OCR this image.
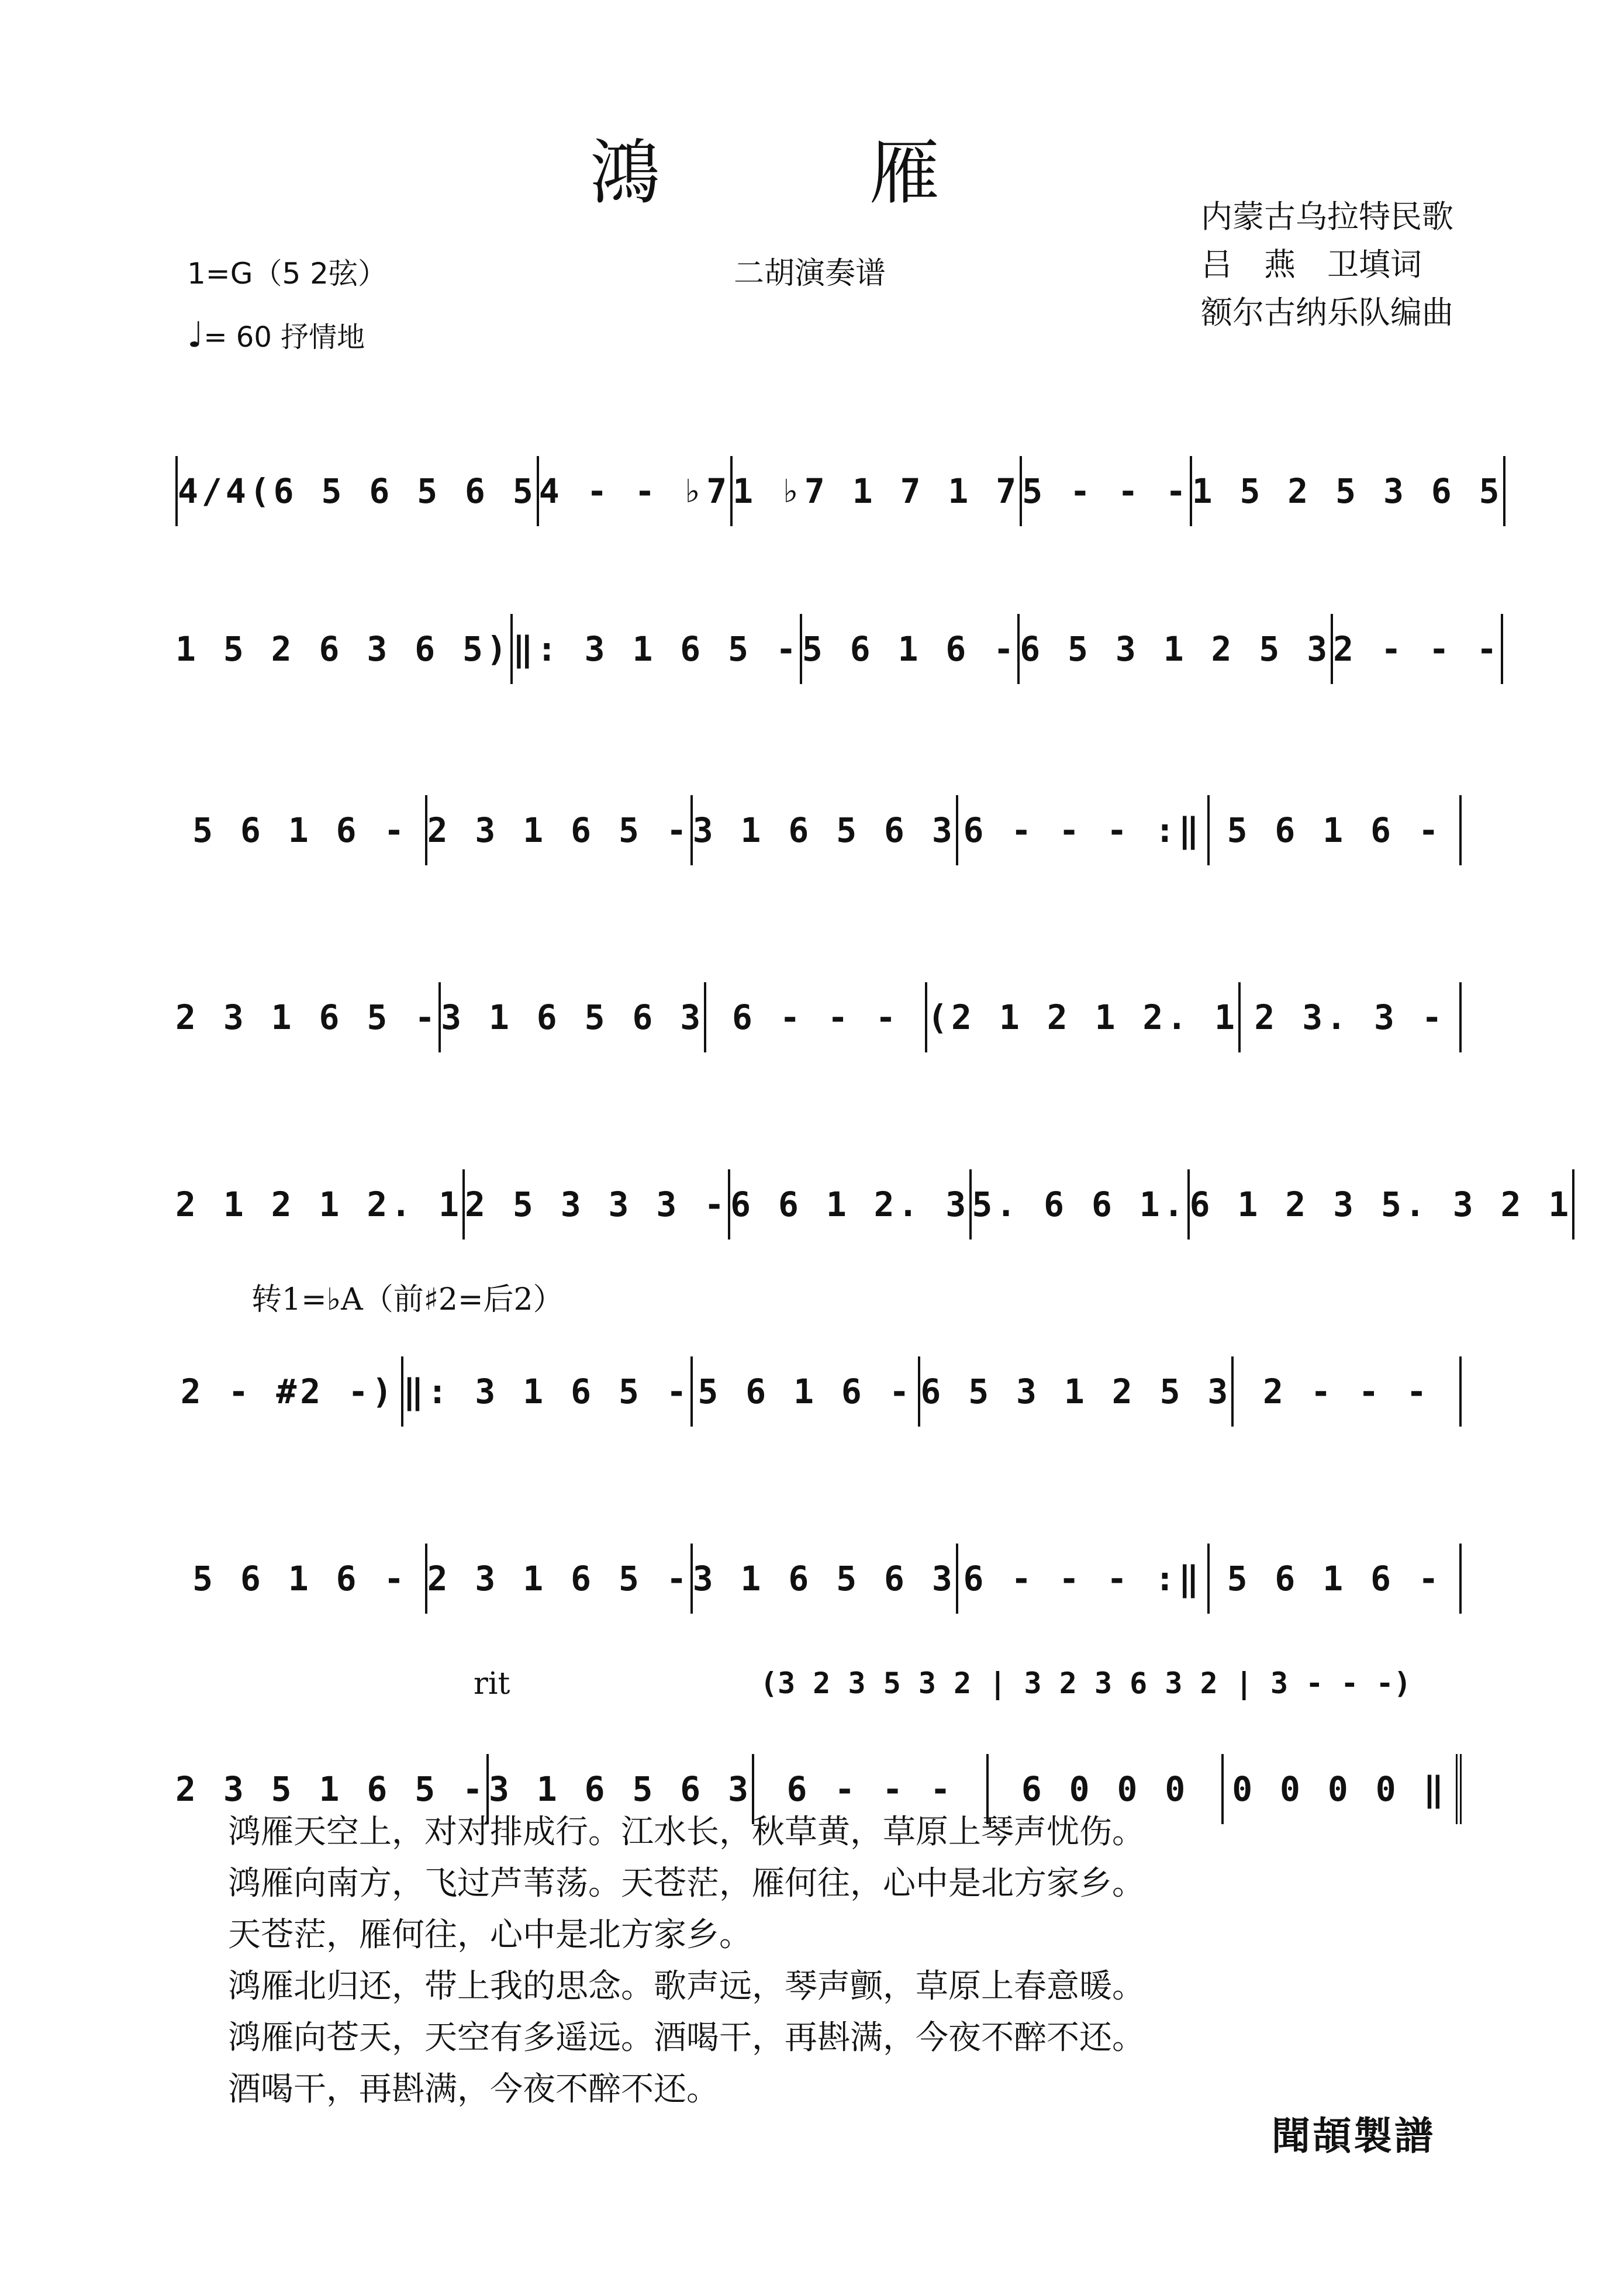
鴻 雁
二胡演奏谱
1=G（5 2弦）
♩= 60 抒情地
内蒙古乌拉特民歌
吕　燕　卫填词
额尔古纳乐队编曲
4/4(6 5 6 5 6 5 4 - - ♭7 1 ♭7 1 7 1 7 5 - - - 1 5 2 5 3 6 5
1 5 2 6 3 6 5) ‖: 3 1 6 5 - 5 6 1 6 - 6 5 3 1 2 5 3 2 - - -
5 6 1 6 - 2 3 1 6 5 - 3 1 6 5 6 3 6 - - - :‖ 5 6 1 6 -
2 3 1 6 5 - 3 1 6 5 6 3 6 - - - (2 1 2 1 2. 1 2 3. 3 -
2 1 2 1 2. 1 2 5 3 3 3 - 6 6 1 2. 3 5. 6 6 1. 6 1 2 3 5. 3 2 1
转1=♭A（前♯2=后2）
2 - #2 -) ‖: 3 1 6 5 - 5 6 1 6 - 6 5 3 1 2 5 3 2 - - -
5 6 1 6 - 2 3 1 6 5 - 3 1 6 5 6 3 6 - - - :‖ 5 6 1 6 -
rit	(3 2 3 5 3 2 | 3 2 3 6 3 2 | 3 - - -)
2 3 5 1 6 5 - 3 1 6 5 6 3	6 - - -	6 0 0 0	0 0 0 0 ‖
鸿雁天空上，对对排成行。江水长，秋草黄，草原上琴声忧伤。
鸿雁向南方，飞过芦苇荡。天苍茫，雁何往，心中是北方家乡。
天苍茫，雁何往，心中是北方家乡。
鸿雁北归还，带上我的思念。歌声远，琴声颤，草原上春意暖。
鸿雁向苍天，天空有多遥远。酒喝干，再斟满，今夜不醉不还。
酒喝干，再斟满，今夜不醉不还。
聞頡製譜
